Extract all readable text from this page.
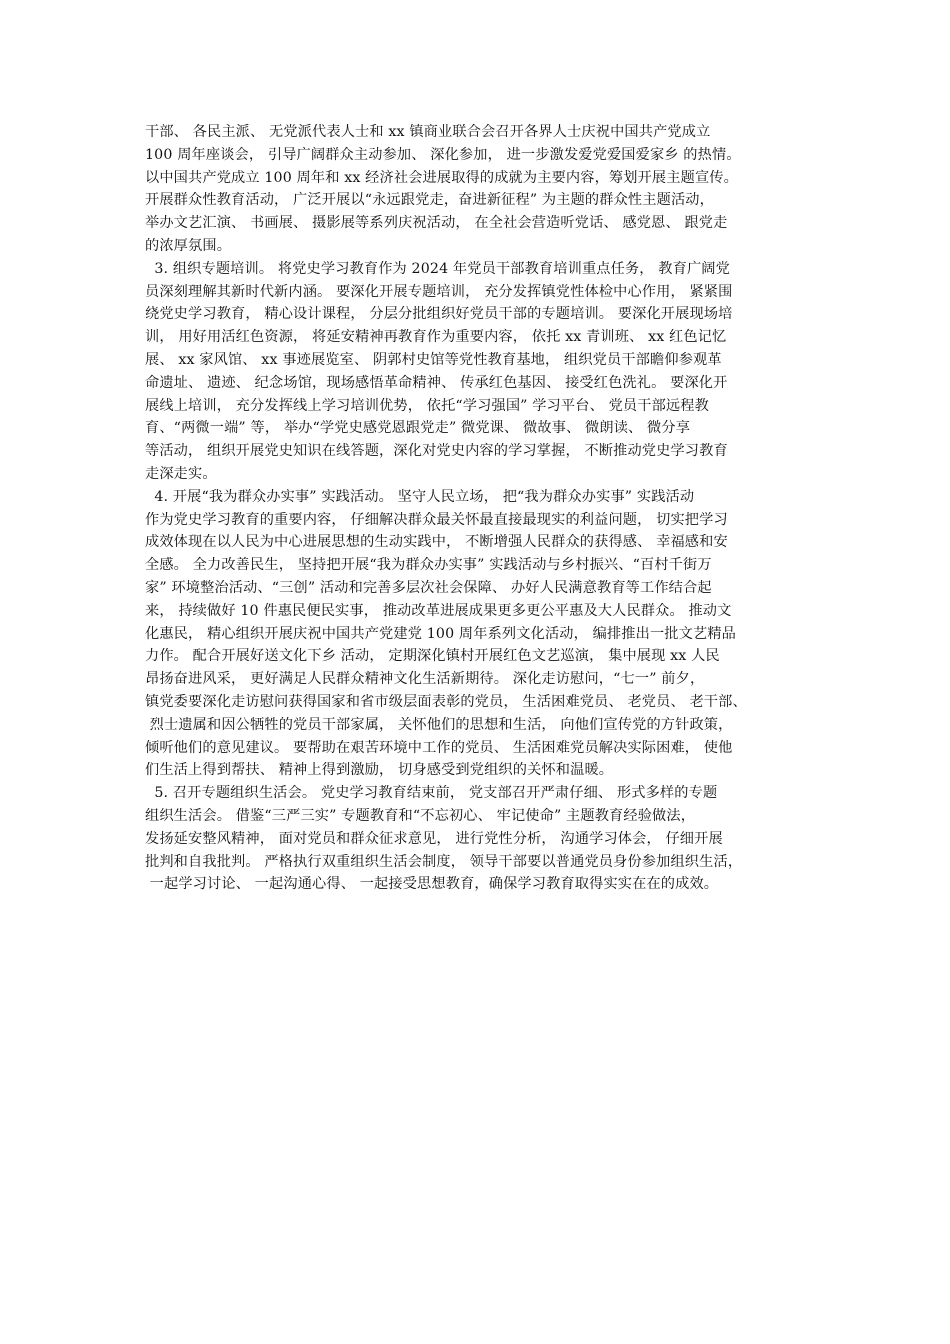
干部、 各民主派、 无党派代表人士和 xx 镇商业联合会召开各界人士庆祝中国共产党成立
100 周年座谈会， 引导广阔群众主动参加、 深化参加， 进一步激发爱党爱国爱家乡 的热情。
以中国共产党成立 100 周年和 xx 经济社会进展取得的成就为主要内容，筹划开展主题宣传。
开展群众性教育活动， 广泛开展以“永远跟党走，奋进新征程” 为主题的群众性主题活动，
举办文艺汇演、 书画展、 摄影展等系列庆祝活动， 在全社会营造听党话、 感党恩、 跟党走
的浓厚氛围。
3. 组织专题培训。 将党史学习教育作为 2024 年党员干部教育培训重点任务， 教育广阔党
员深刻理解其新时代新内涵。 要深化开展专题培训， 充分发挥镇党性体检中心作用， 紧紧围
绕党史学习教育， 精心设计课程， 分层分批组织好党员干部的专题培训。 要深化开展现场培
训， 用好用活红色资源， 将延安精神再教育作为重要内容， 依托 xx 青训班、 xx 红色记忆
展、 xx 家风馆、 xx 事迹展览室、 阴郭村史馆等党性教育基地， 组织党员干部瞻仰参观革
命遗址、 遗迹、 纪念场馆，现场感悟革命精神、 传承红色基因、 接受红色洗礼。 要深化开
展线上培训， 充分发挥线上学习培训优势， 依托“学习强国” 学习平台、 党员干部远程教
育、“两微一端” 等， 举办“学党史感党恩跟党走” 微党课、 微故事、 微朗读、 微分享
等活动， 组织开展党史知识在线答题，深化对党史内容的学习掌握， 不断推动党史学习教育
走深走实。
4. 开展“我为群众办实事” 实践活动。 坚守人民立场， 把“我为群众办实事” 实践活动
作为党史学习教育的重要内容， 仔细解决群众最关怀最直接最现实的利益问题， 切实把学习
成效体现在以人民为中心进展思想的生动实践中， 不断增强人民群众的获得感、 幸福感和安
全感。 全力改善民生， 坚持把开展“我为群众办实事” 实践活动与乡村振兴、“百村千街万
家” 环境整治活动、“三创” 活动和完善多层次社会保障、 办好人民满意教育等工作结合起
来， 持续做好 10 件惠民便民实事， 推动改革进展成果更多更公平惠及大人民群众。 推动文
化惠民， 精心组织开展庆祝中国共产党建党 100 周年系列文化活动， 编排推出一批文艺精品
力作。 配合开展好送文化下乡 活动， 定期深化镇村开展红色文艺巡演， 集中展现 xx 人民
昂扬奋进风采， 更好满足人民群众精神文化生活新期待。 深化走访慰问，“七一” 前夕，
镇党委要深化走访慰问获得国家和省市级层面表彰的党员， 生活困难党员、 老党员、 老干部、
烈士遗属和因公牺牲的党员干部家属， 关怀他们的思想和生活， 向他们宣传党的方针政策，
倾听他们的意见建议。 要帮助在艰苦环境中工作的党员、 生活困难党员解决实际困难， 使他
们生活上得到帮扶、 精神上得到激励， 切身感受到党组织的关怀和温暖。
5. 召开专题组织生活会。 党史学习教育结束前， 党支部召开严肃仔细、 形式多样的专题
组织生活会。 借鉴“三严三实” 专题教育和“不忘初心、 牢记使命” 主题教育经验做法，
发扬延安整风精神， 面对党员和群众征求意见， 进行党性分析， 沟通学习体会， 仔细开展
批判和自我批判。 严格执行双重组织生活会制度， 领导干部要以普通党员身份参加组织生活，
一起学习讨论、 一起沟通心得、 一起接受思想教育，确保学习教育取得实实在在的成效。
